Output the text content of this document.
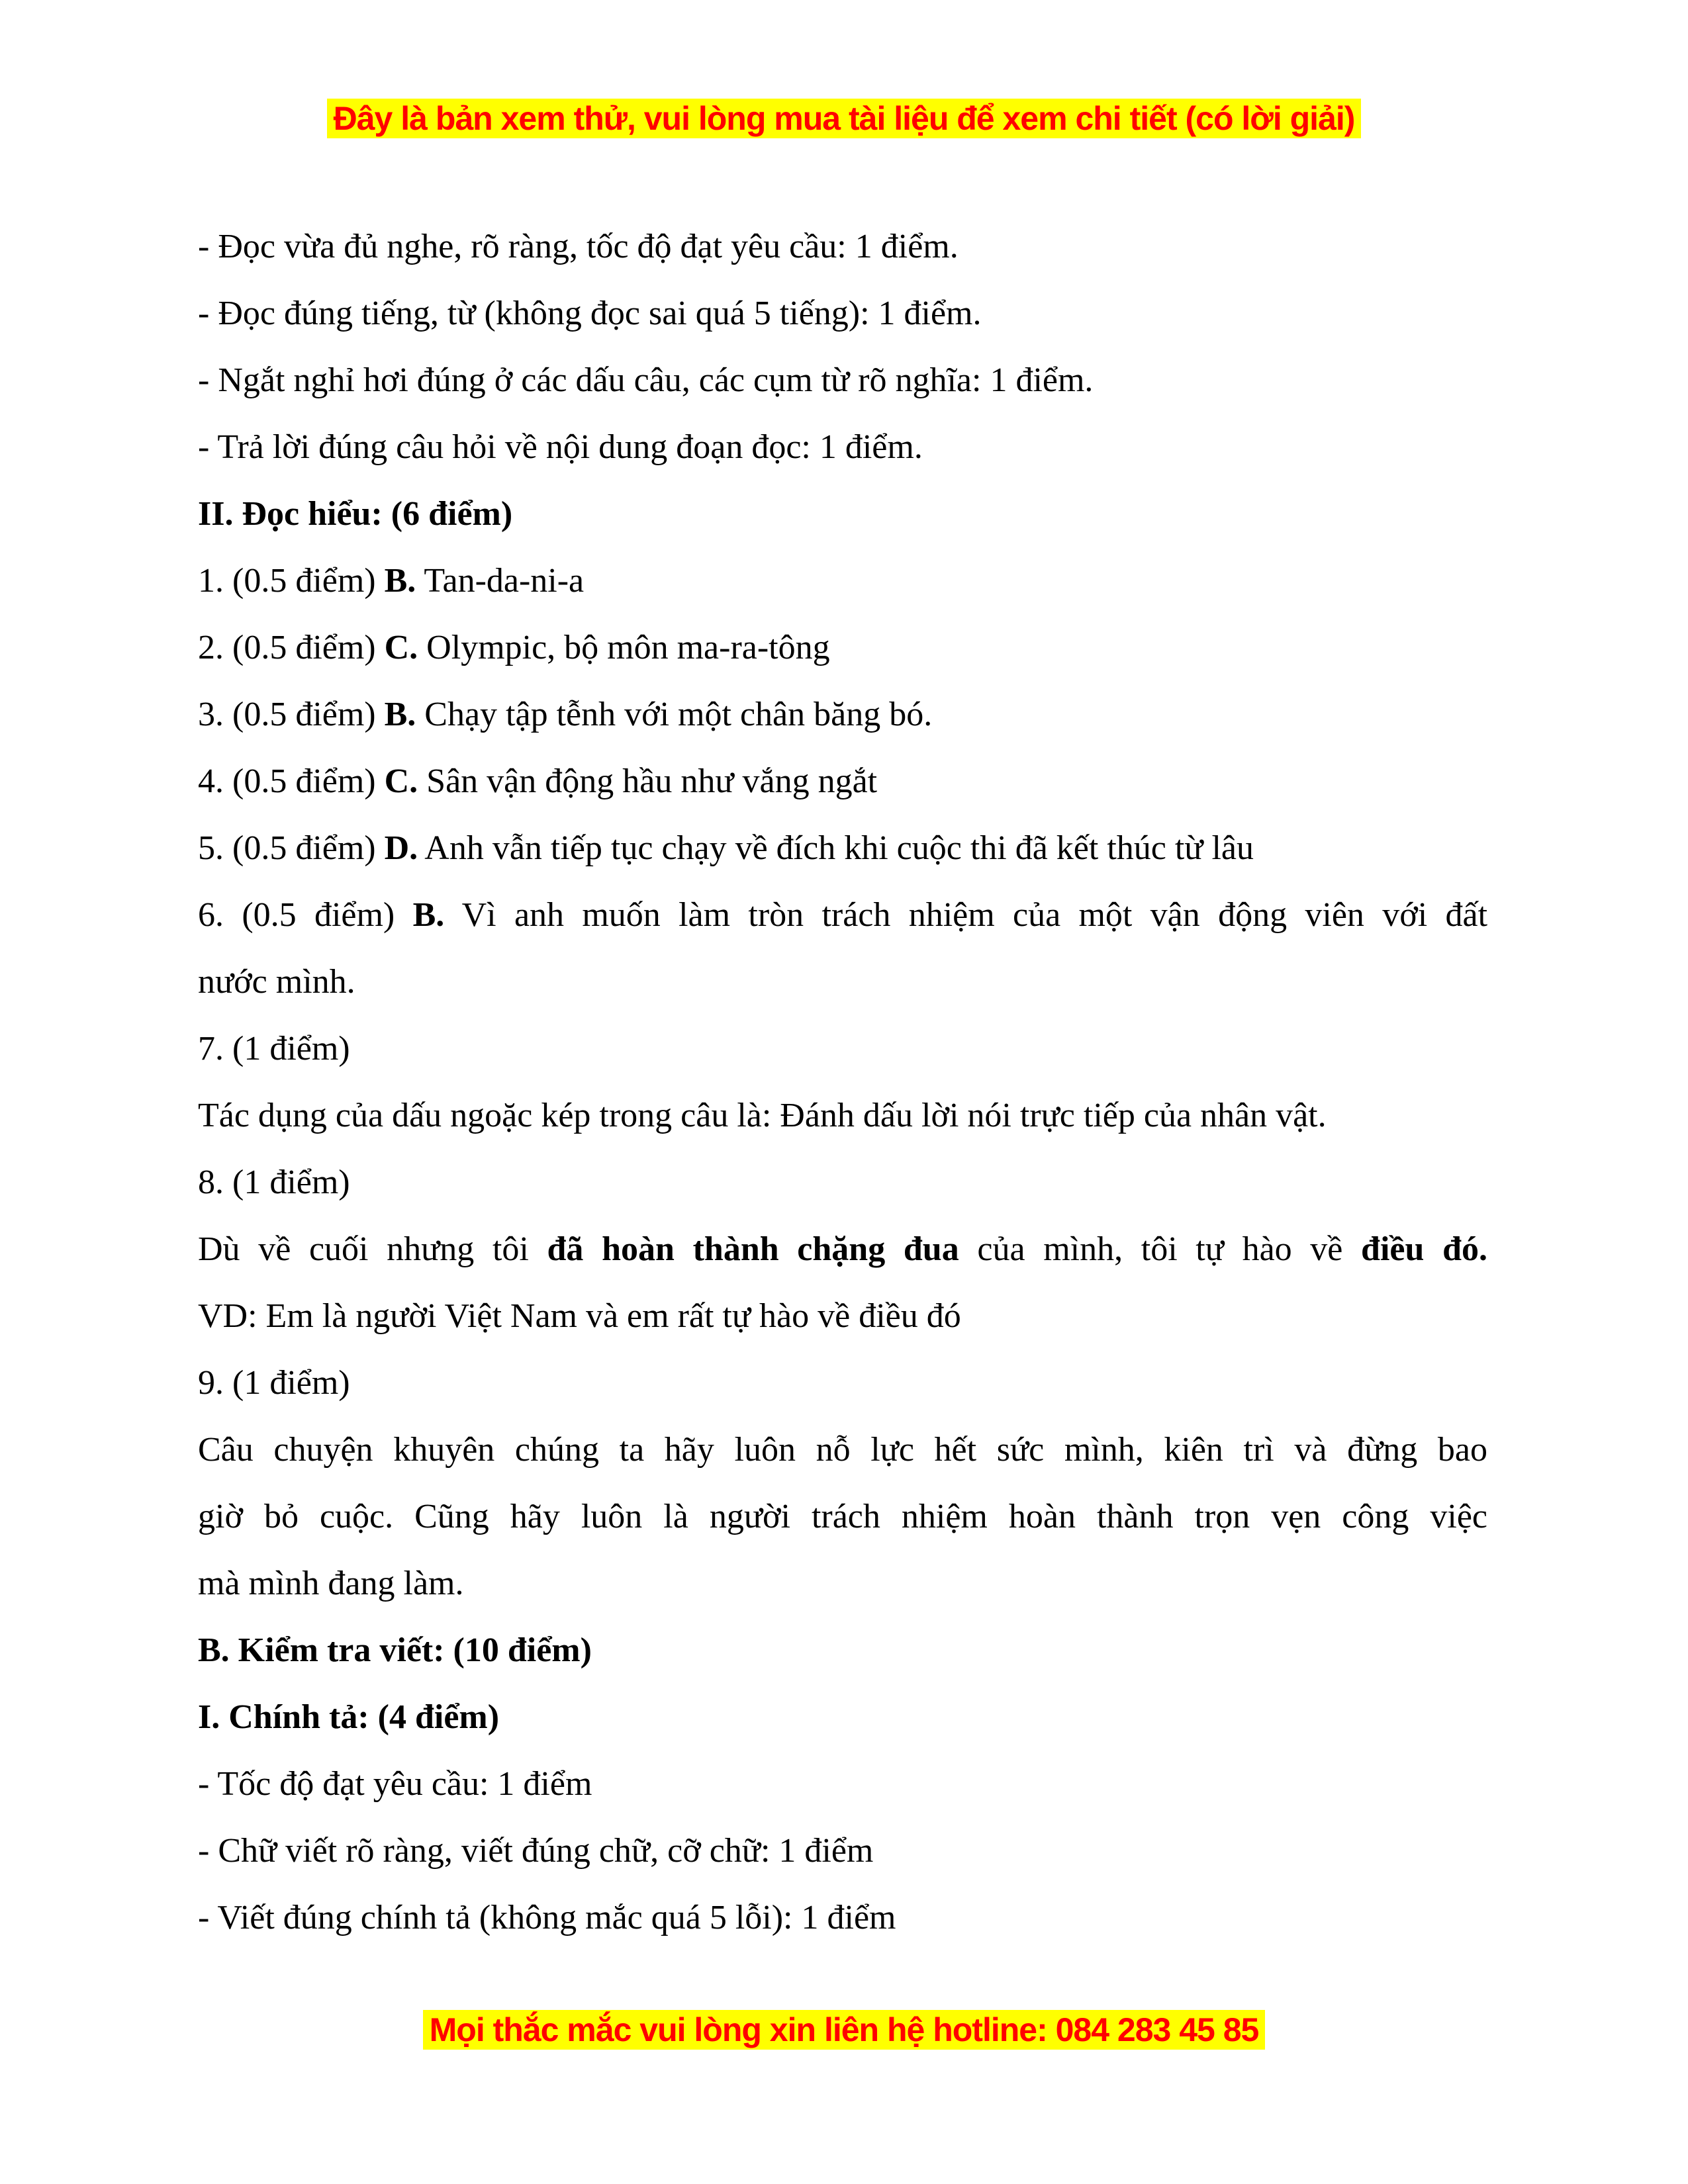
Đây là bản xem thử, vui lòng mua tài liệu để xem chi tiết (có lời giải)
- Đọc vừa đủ nghe, rõ ràng, tốc độ đạt yêu cầu: 1 điểm.
- Đọc đúng tiếng, từ (không đọc sai quá 5 tiếng): 1 điểm.
- Ngắt nghỉ hơi đúng ở các dấu câu, các cụm từ rõ nghĩa: 1 điểm.
- Trả lời đúng câu hỏi về nội dung đoạn đọc: 1 điểm.
II. Đọc hiểu: (6 điểm)
1. (0.5 điểm) B. Tan-da-ni-a
2. (0.5 điểm) C. Olympic, bộ môn ma-ra-tông
3. (0.5 điểm) B. Chạy tập tễnh với một chân băng bó.
4. (0.5 điểm) C. Sân vận động hầu như vắng ngắt
5. (0.5 điểm) D. Anh vẫn tiếp tục chạy về đích khi cuộc thi đã kết thúc từ lâu
6. (0.5 điểm) B. Vì anh muốn làm tròn trách nhiệm của một vận động viên với đất
nước mình.
7. (1 điểm)
Tác dụng của dấu ngoặc kép trong câu là: Đánh dấu lời nói trực tiếp của nhân vật.
8. (1 điểm)
Dù về cuối nhưng tôi đã hoàn thành chặng đua của mình, tôi tự hào về điều đó.
VD: Em là người Việt Nam và em rất tự hào về điều đó
9. (1 điểm)
Câu chuyện khuyên chúng ta hãy luôn nỗ lực hết sức mình, kiên trì và đừng bao
giờ bỏ cuộc. Cũng hãy luôn là người trách nhiệm hoàn thành trọn vẹn công việc
mà mình đang làm.
B. Kiểm tra viết: (10 điểm)
I. Chính tả: (4 điểm)
- Tốc độ đạt yêu cầu: 1 điểm
- Chữ viết rõ ràng, viết đúng chữ, cỡ chữ: 1 điểm
- Viết đúng chính tả (không mắc quá 5 lỗi): 1 điểm
Mọi thắc mắc vui lòng xin liên hệ hotline: 084 283 45 85
